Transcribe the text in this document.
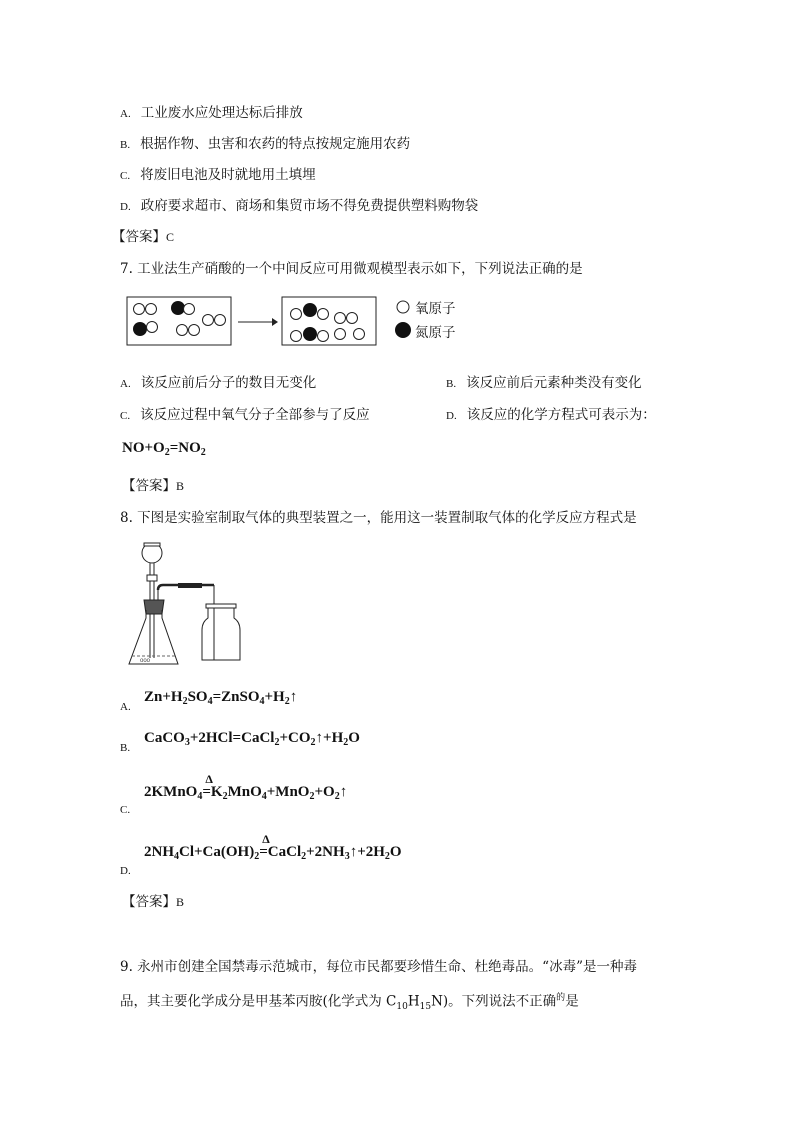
A. 工业废水应处理达标后排放
B. 根据作物、虫害和农药的特点按规定施用农药
C. 将废旧电池及时就地用土填埋
D. 政府要求超市、商场和集贸市场不得免费提供塑料购物袋
【答案】C
7. 工业法生产硝酸的一个中间反应可用微观模型表示如下，下列说法正确的是
氧原子
氮原子
A. 该反应前后分子的数目无变化	B. 该反应前后元素种类没有变化
C. 该反应过程中氧气分子全部参与了反应	D. 该反应的化学方程式可表示为：
$NO+O_2=NO_2$
【答案】B
8. 下图是实验室制取气体的典型装置之一，能用这一装置制取气体的化学反应方程式是
ooo
A.
$Zn+H_2SO_4=ZnSO_4+H_2↑$
B.
$CaCO_3+2HCl=CaCl_2+CO_2↑+H_2O$
2KMnO$_4$
Δ
$=K_2MnO_4+MnO_2+O_2↑$
C.
$2NH_4Cl+Ca(OH)_2$
Δ
$=CaCl_2+2NH_3↑+2H_2O$
D.
【答案】B
9. 永州市创建全国禁毒示范城市，每位市民都要珍惜生命、杜绝毒品。“冰毒”是一种毒
品，其主要化学成分是甲基苯丙胺(化学式为 $C_{10}H_{15}N$)。下列说法不正确$^的$是
